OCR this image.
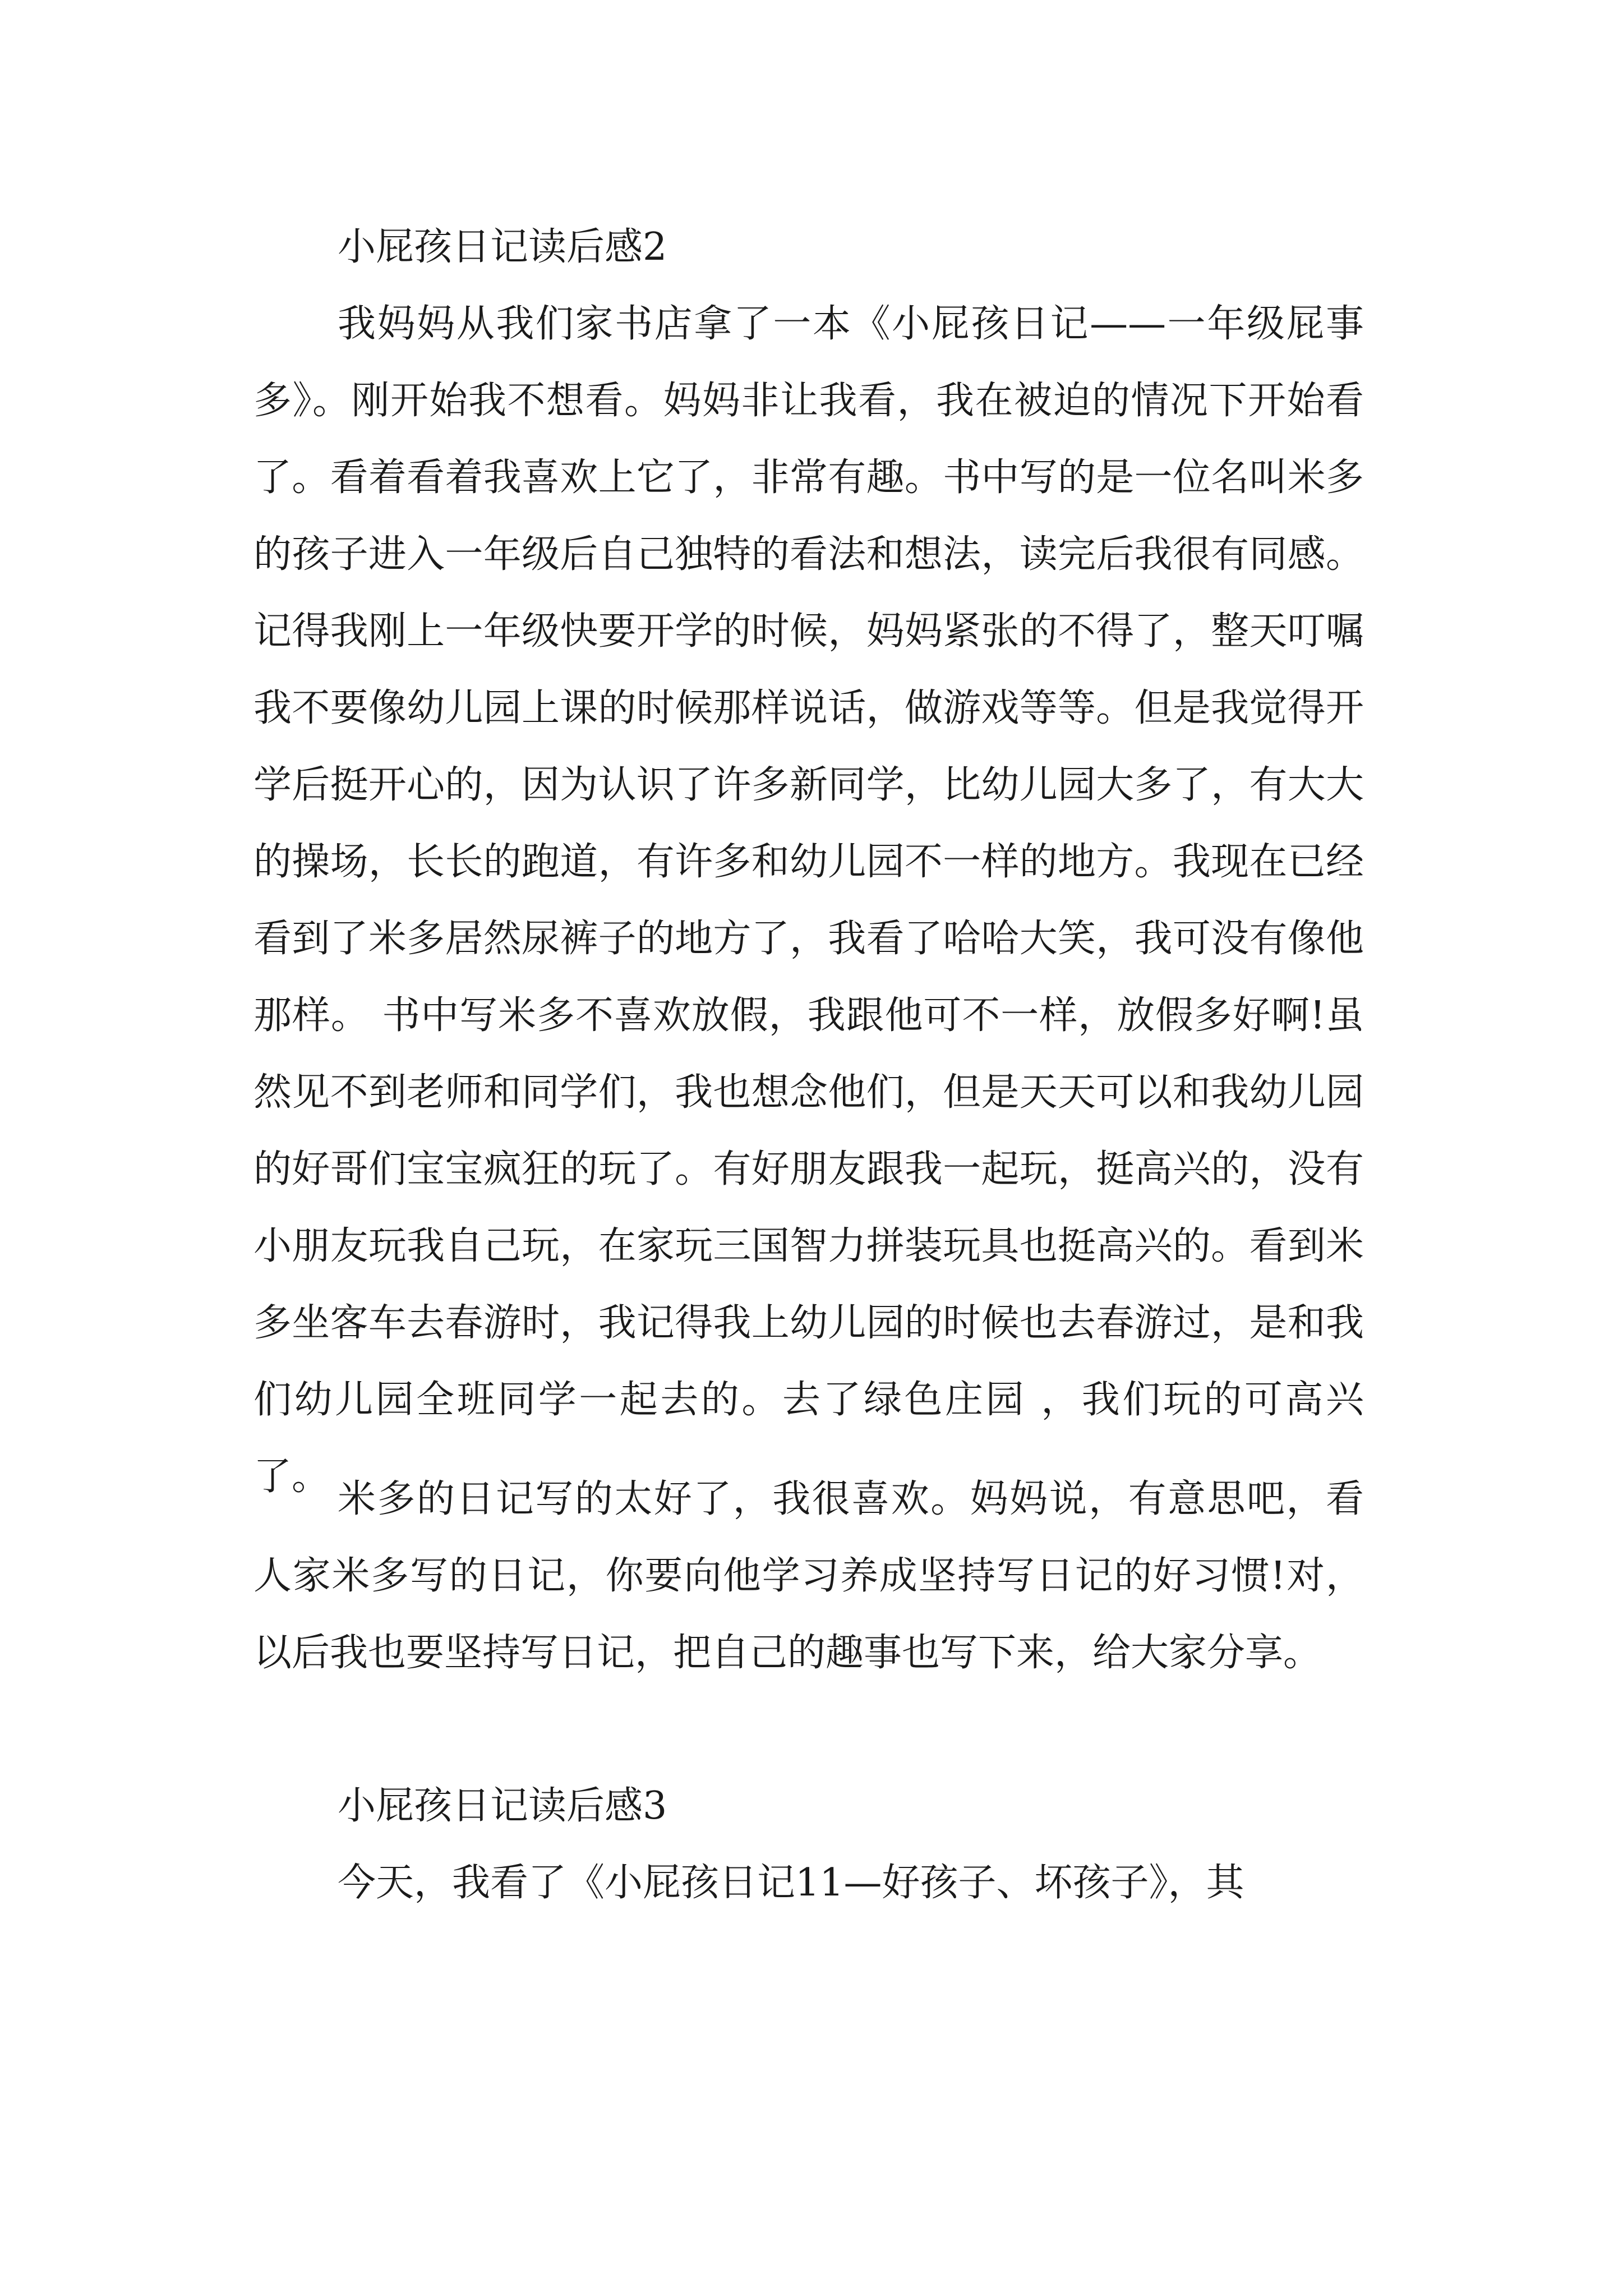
小屁孩日记读后感2

我妈妈从我们家书店拿了一本《小屁孩日记——一年级屁事多》。刚开始我不想看。妈妈非让我看，我在被迫的情况下开始看了。看着看着我喜欢上它了，非常有趣。书中写的是一位名叫米多的孩子进入一年级后自己独特的看法和想法，读完后我很有同感。记得我刚上一年级快要开学的时候，妈妈紧张的不得了，整天叮嘱我不要像幼儿园上课的时候那样说话，做游戏等等。但是我觉得开学后挺开心的，因为认识了许多新同学，比幼儿园大多了，有大大的操场，长长的跑道，有许多和幼儿园不一样的地方。我现在已经看到了米多居然尿裤子的地方了，我看了哈哈大笑，我可没有像他那样。 书中写米多不喜欢放假，我跟他可不一样，放假多好啊!虽然见不到老师和同学们，我也想念他们，但是天天可以和我幼儿园的好哥们宝宝疯狂的玩了。有好朋友跟我一起玩，挺高兴的，没有小朋友玩我自己玩，在家玩三国智力拼装玩具也挺高兴的。看到米多坐客车去春游时，我记得我上幼儿园的时候也去春游过，是和我们幼儿园全班同学一起去的。去了绿色庄园 ，我们玩的可高兴了。

米多的日记写的太好了，我很喜欢。妈妈说，有意思吧，看人家米多写的日记，你要向他学习养成坚持写日记的好习惯!对，以后我也要坚持写日记，把自己的趣事也写下来，给大家分享。

小屁孩日记读后感3

今天，我看了《小屁孩日记11—好孩子、坏孩子》，其
